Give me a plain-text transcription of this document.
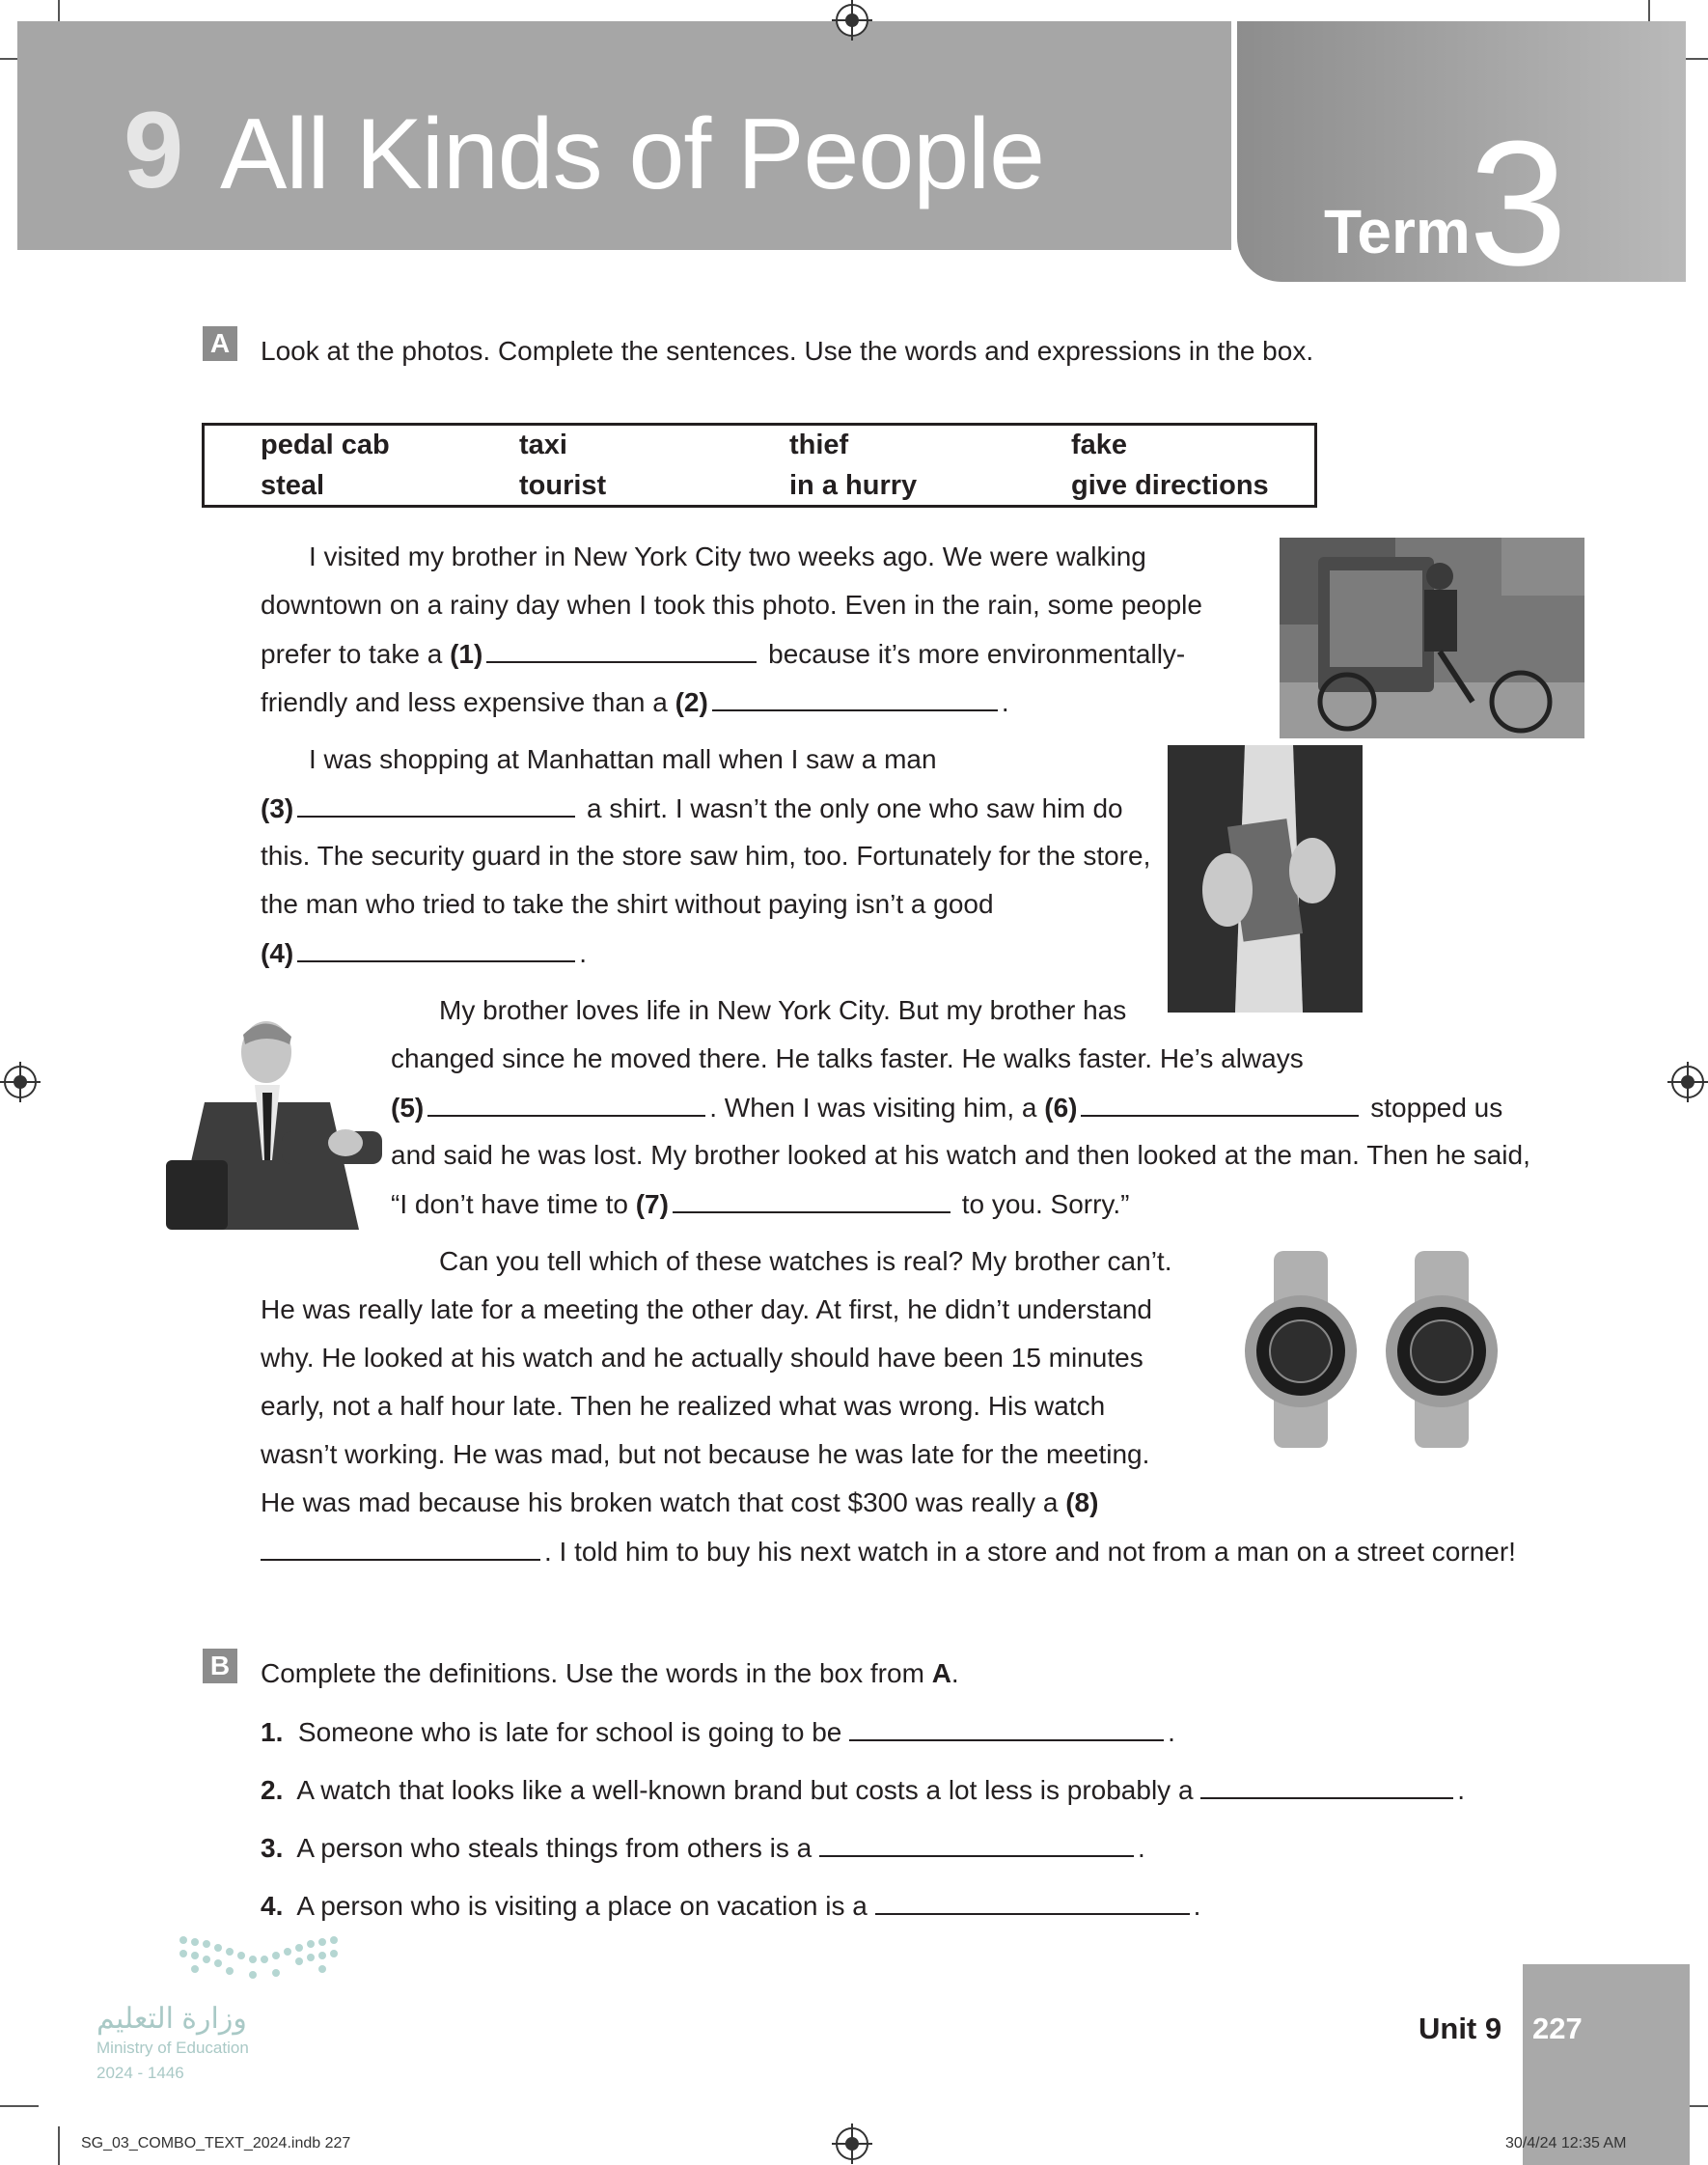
9 All Kinds of People
Term
3
A Look at the photos. Complete the sentences. Use the words and expressions in the box.
pedal cab	taxi	thief	fake
steal	tourist	in a hurry	give directions
I visited my brother in New York City two weeks ago. We were walking
downtown on a rainy day when I took this photo. Even in the rain, some people
prefer to take a (1)	because it’s more environmentally-
friendly and less expensive than a (2)	.
I was shopping at Manhattan mall when I saw a man
(3)	a shirt. I wasn’t the only one who saw him do
this. The security guard in the store saw him, too. Fortunately for the store,
the man who tried to take the shirt without paying isn’t a good
(4)	.
My brother loves life in New York City. But my brother has
changed since he moved there. He talks faster. He walks faster. He’s always
(5)	. When I was visiting him, a (6)	stopped us
and said he was lost. My brother looked at his watch and then looked at the man. Then he said,
“I don’t have time to (7)	to you. Sorry.”
Can you tell which of these watches is real? My brother can’t.
He was really late for a meeting the other day. At first, he didn’t understand
why. He looked at his watch and he actually should have been 15 minutes
early, not a half hour late. Then he realized what was wrong. His watch
wasn’t working. He was mad, but not because he was late for the meeting.
He was mad because his broken watch that cost $300 was really a (8)
. I told him to buy his next watch in a store and not from a man on a street corner!
B Complete the definitions. Use the words in the box from A.
1. Someone who is late for school is going to be	.
2. A watch that looks like a well-known brand but costs a lot less is probably a	.
3. A person who steals things from others is a	.
4. A person who is visiting a place on vacation is a	.
وزارة التعليم
Ministry of Education
2024 - 1446
Unit 9 227
SG_03_COMBO_TEXT_2024.indb 227	30/4/24 12:35 AM
